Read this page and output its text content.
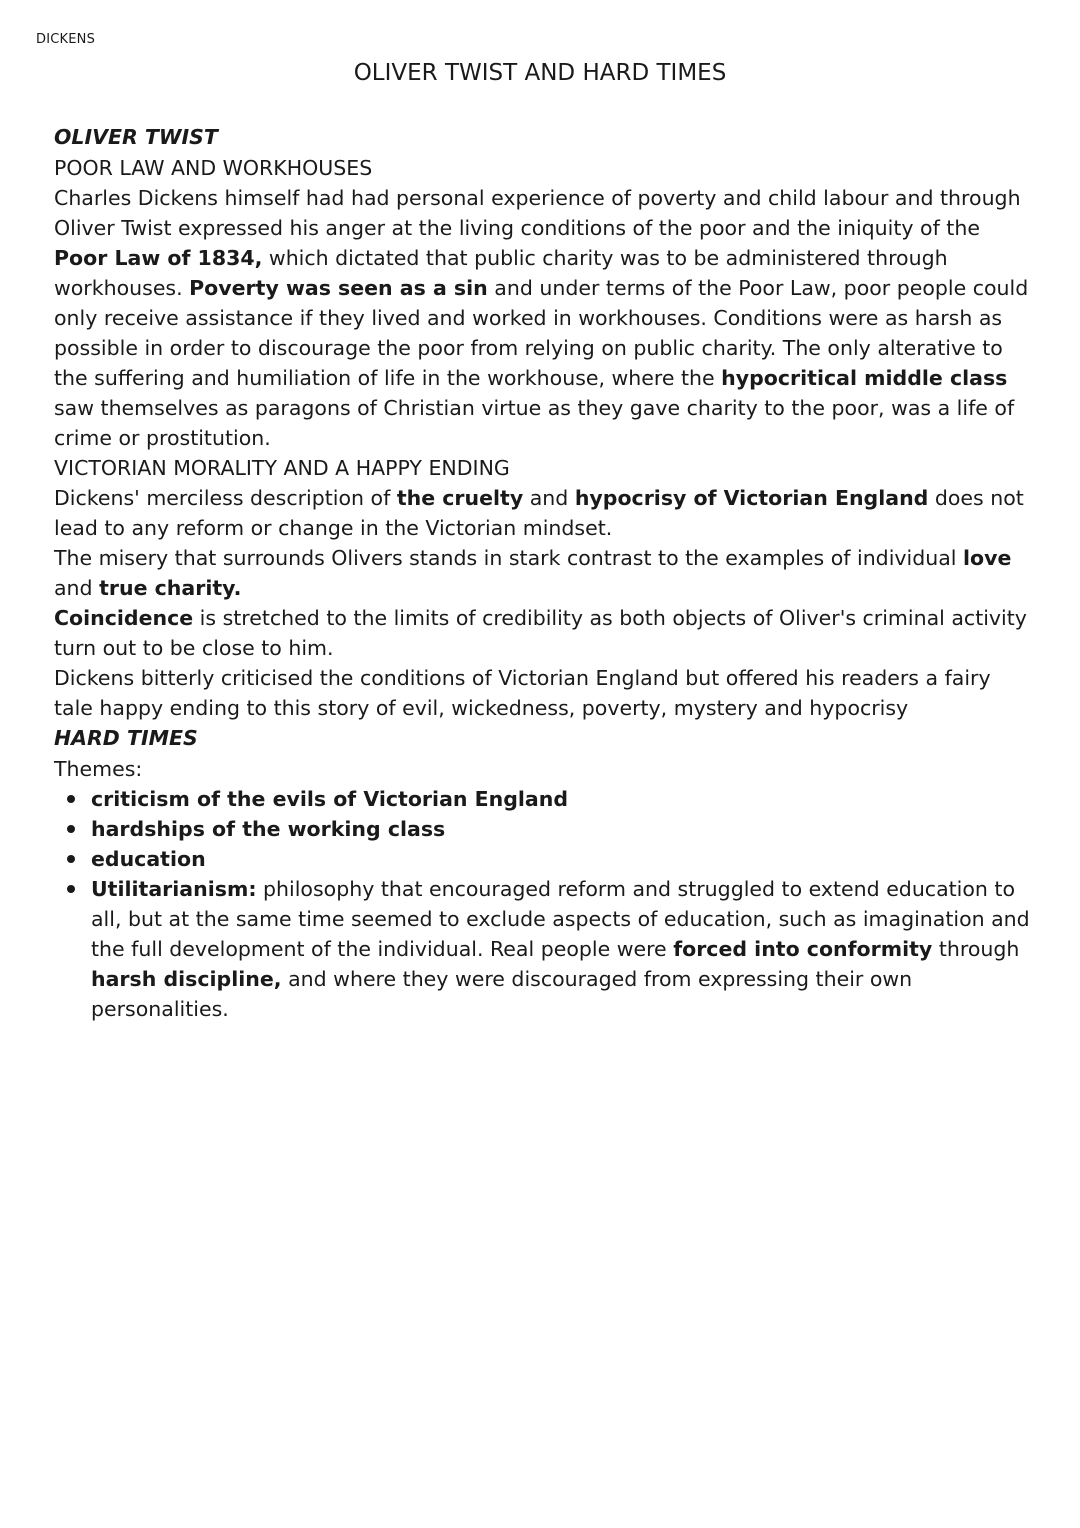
DICKENS
OLIVER TWIST AND HARD TIMES
OLIVER TWIST
POOR LAW AND WORKHOUSES

Charles Dickens himself had had personal experience of poverty and child labour and through Oliver Twist expressed his anger at the living conditions of the poor and the iniquity of the Poor Law of 1834, which dictated that public charity was to be administered through workhouses. Poverty was seen as a sin and under terms of the Poor Law, poor people could only receive assistance if they lived and worked in workhouses. Conditions were as harsh as possible in order to discourage the poor from relying on public charity. The only alterative to the suffering and humiliation of life in the workhouse, where the hypocritical middle class saw themselves as paragons of Christian virtue as they gave charity to the poor, was a life of crime or prostitution.

VICTORIAN MORALITY AND A HAPPY ENDING

Dickens' merciless description of the cruelty and hypocrisy of Victorian England does not lead to any reform or change in the Victorian mindset.

The misery that surrounds Olivers stands in stark contrast to the examples of individual love and true charity.

Coincidence is stretched to the limits of credibility as both objects of Oliver's criminal activity turn out to be close to him.

Dickens bitterly criticised the conditions of Victorian England but offered his readers a fairy tale happy ending to this story of evil, wickedness, poverty, mystery and hypocrisy

HARD TIMES

Themes:

criticism of the evils of Victorian England
hardships of the working class
education
Utilitarianism: philosophy that encouraged reform and struggled to extend education to all, but at the same time seemed to exclude aspects of education, such as imagination and the full development of the individual. Real people were forced into conformity through harsh discipline, and where they were discouraged from expressing their own personalities.
